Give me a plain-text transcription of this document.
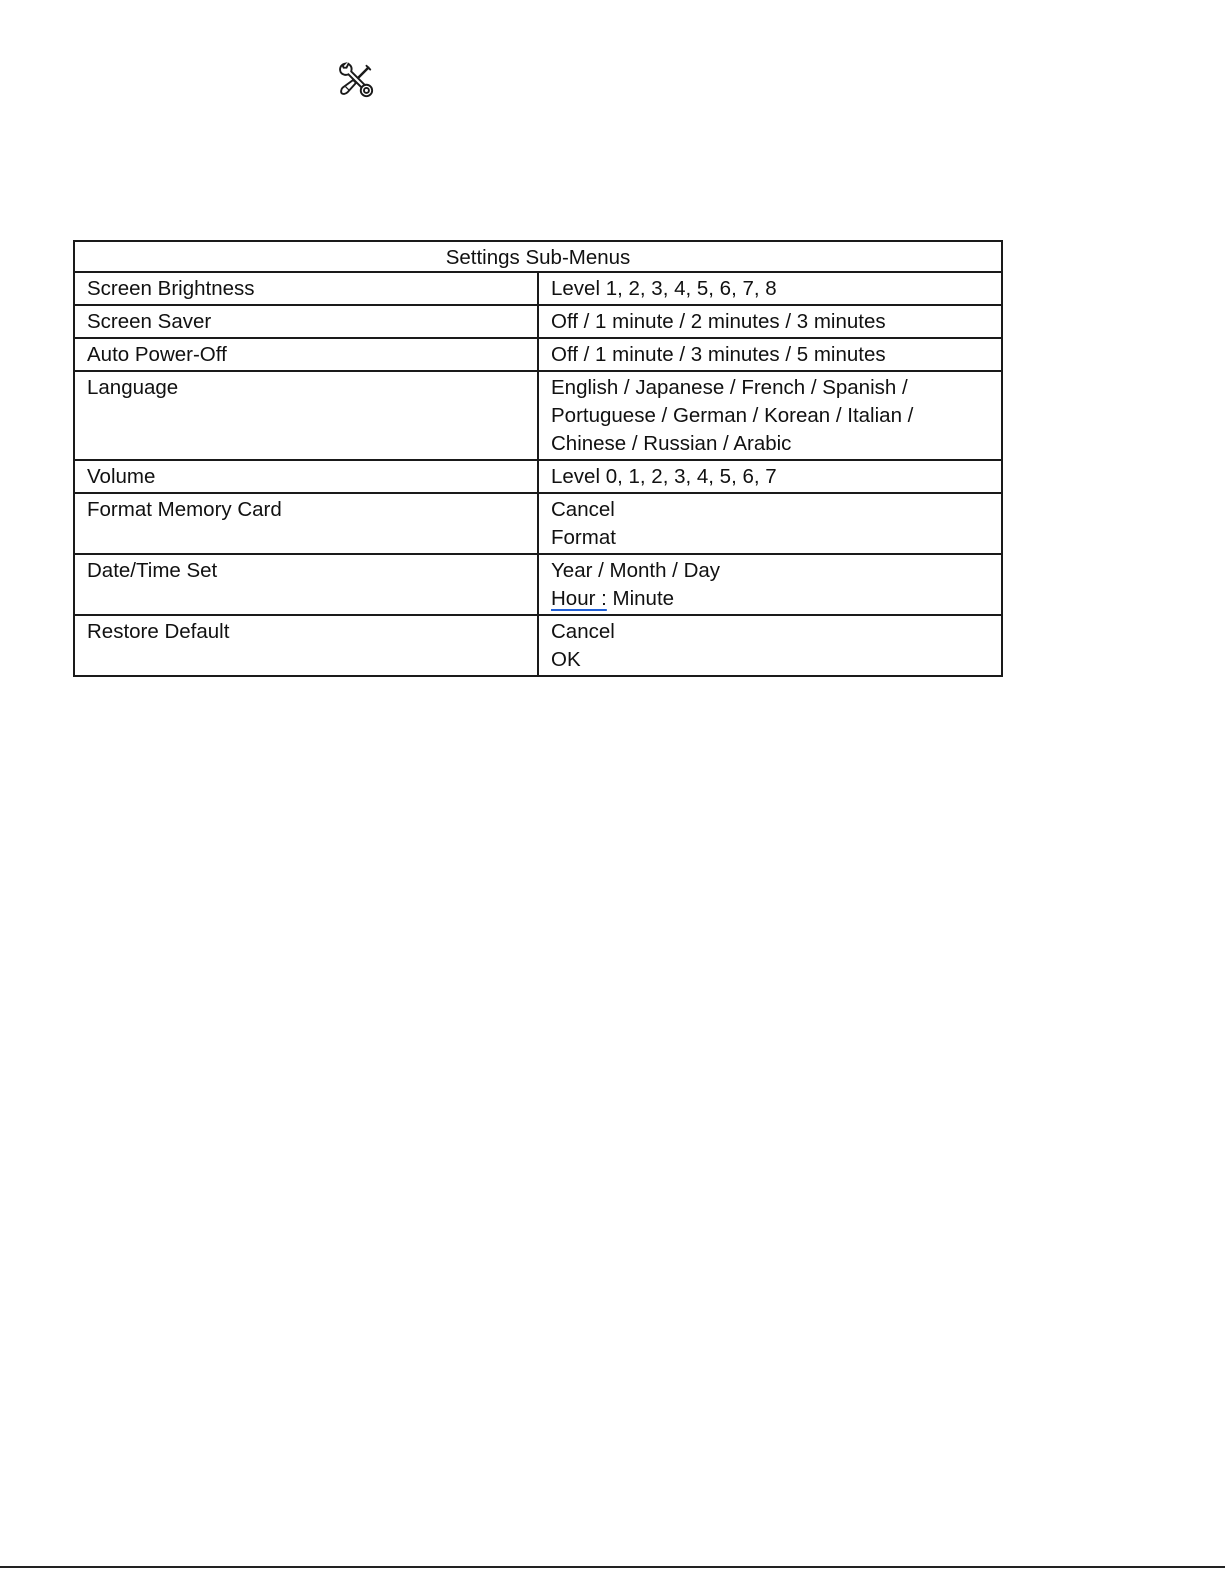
Settings Sub-Menus	
Screen Brightness	Level 1, 2, 3, 4, 5, 6, 7, 8

Screen Saver	Off / 1 minute / 2 minutes / 3 minutes

Auto Power-Off	Off / 1 minute / 3 minutes / 5 minutes

Language	English / Japanese / French / Spanish /
Portuguese / German / Korean / Italian /
Chinese / Russian / Arabic

Volume	Level 0, 1, 2, 3, 4, 5, 6, 7

Format Memory Card	Cancel
Format

Date/Time Set	Year / Month / Day
Hour : Minute

Restore Default	Cancel
OK
